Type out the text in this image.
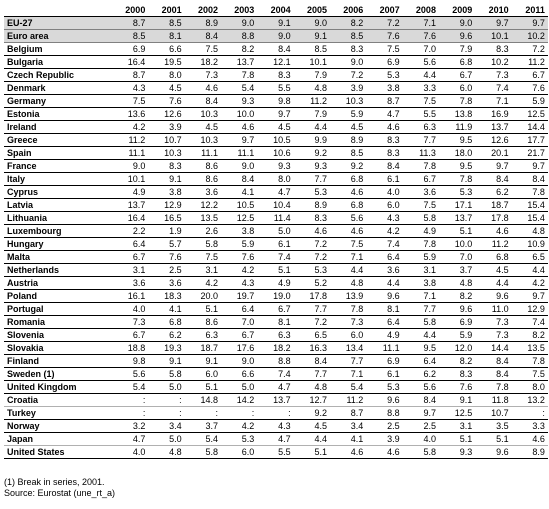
	2000	2001	2002	2003	2004	2005	2006	2007	2008	2009	2010	2011
EU-27	8.7	8.5	8.9	9.0	9.1	9.0	8.2	7.2	7.1	9.0	9.7	9.7
Euro area	8.5	8.1	8.4	8.8	9.0	9.1	8.5	7.6	7.6	9.6	10.1	10.2
Belgium	6.9	6.6	7.5	8.2	8.4	8.5	8.3	7.5	7.0	7.9	8.3	7.2
Bulgaria	16.4	19.5	18.2	13.7	12.1	10.1	9.0	6.9	5.6	6.8	10.2	11.2
Czech Republic	8.7	8.0	7.3	7.8	8.3	7.9	7.2	5.3	4.4	6.7	7.3	6.7
Denmark	4.3	4.5	4.6	5.4	5.5	4.8	3.9	3.8	3.3	6.0	7.4	7.6
Germany	7.5	7.6	8.4	9.3	9.8	11.2	10.3	8.7	7.5	7.8	7.1	5.9
Estonia	13.6	12.6	10.3	10.0	9.7	7.9	5.9	4.7	5.5	13.8	16.9	12.5
Ireland	4.2	3.9	4.5	4.6	4.5	4.4	4.5	4.6	6.3	11.9	13.7	14.4
Greece	11.2	10.7	10.3	9.7	10.5	9.9	8.9	8.3	7.7	9.5	12.6	17.7
Spain	11.1	10.3	11.1	11.1	10.6	9.2	8.5	8.3	11.3	18.0	20.1	21.7
France	9.0	8.3	8.6	9.0	9.3	9.3	9.2	8.4	7.8	9.5	9.7	9.7
Italy	10.1	9.1	8.6	8.4	8.0	7.7	6.8	6.1	6.7	7.8	8.4	8.4
Cyprus	4.9	3.8	3.6	4.1	4.7	5.3	4.6	4.0	3.6	5.3	6.2	7.8
Latvia	13.7	12.9	12.2	10.5	10.4	8.9	6.8	6.0	7.5	17.1	18.7	15.4
Lithuania	16.4	16.5	13.5	12.5	11.4	8.3	5.6	4.3	5.8	13.7	17.8	15.4
Luxembourg	2.2	1.9	2.6	3.8	5.0	4.6	4.6	4.2	4.9	5.1	4.6	4.8
Hungary	6.4	5.7	5.8	5.9	6.1	7.2	7.5	7.4	7.8	10.0	11.2	10.9
Malta	6.7	7.6	7.5	7.6	7.4	7.2	7.1	6.4	5.9	7.0	6.8	6.5
Netherlands	3.1	2.5	3.1	4.2	5.1	5.3	4.4	3.6	3.1	3.7	4.5	4.4
Austria	3.6	3.6	4.2	4.3	4.9	5.2	4.8	4.4	3.8	4.8	4.4	4.2
Poland	16.1	18.3	20.0	19.7	19.0	17.8	13.9	9.6	7.1	8.2	9.6	9.7
Portugal	4.0	4.1	5.1	6.4	6.7	7.7	7.8	8.1	7.7	9.6	11.0	12.9
Romania	7.3	6.8	8.6	7.0	8.1	7.2	7.3	6.4	5.8	6.9	7.3	7.4
Slovenia	6.7	6.2	6.3	6.7	6.3	6.5	6.0	4.9	4.4	5.9	7.3	8.2
Slovakia	18.8	19.3	18.7	17.6	18.2	16.3	13.4	11.1	9.5	12.0	14.4	13.5
Finland	9.8	9.1	9.1	9.0	8.8	8.4	7.7	6.9	6.4	8.2	8.4	7.8
Sweden (1)	5.6	5.8	6.0	6.6	7.4	7.7	7.1	6.1	6.2	8.3	8.4	7.5
United Kingdom	5.4	5.0	5.1	5.0	4.7	4.8	5.4	5.3	5.6	7.6	7.8	8.0
Croatia	:	:	14.8	14.2	13.7	12.7	11.2	9.6	8.4	9.1	11.8	13.2
Turkey	:	:	:	:	:	9.2	8.7	8.8	9.7	12.5	10.7	:
Norway	3.2	3.4	3.7	4.2	4.3	4.5	3.4	2.5	2.5	3.1	3.5	3.3
Japan	4.7	5.0	5.4	5.3	4.7	4.4	4.1	3.9	4.0	5.1	5.1	4.6
United States	4.0	4.8	5.8	6.0	5.5	5.1	4.6	4.6	5.8	9.3	9.6	8.9
(1) Break in series, 2001.
Source: Eurostat (une_rt_a)
